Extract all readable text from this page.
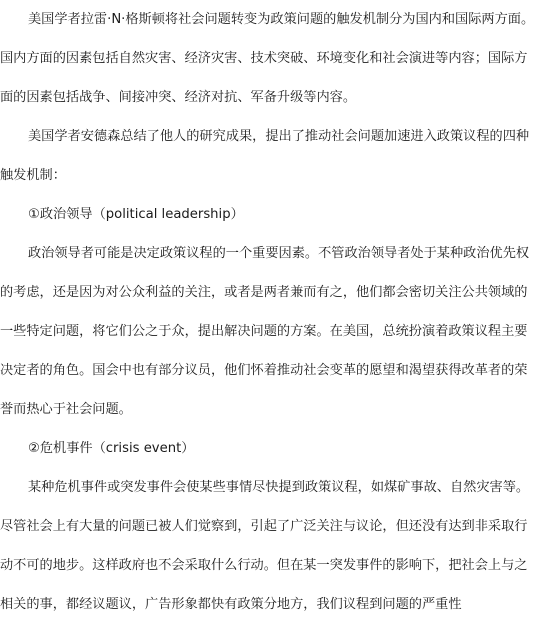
美国学者拉雷·N·格斯顿将社会问题转变为政策问题的触发机制分为国内和国际两方面。
国内方面的因素包括自然灾害、经济灾害、技术突破、环境变化和社会演进等内容；国际方
面的因素包括战争、间接冲突、经济对抗、军备升级等内容。
美国学者安德森总结了他人的研究成果，提出了推动社会问题加速进入政策议程的四种
触发机制：
①政治领导（political leadership）
政治领导者可能是决定政策议程的一个重要因素。不管政治领导者处于某种政治优先权
的考虑，还是因为对公众利益的关注，或者是两者兼而有之，他们都会密切关注公共领域的
一些特定问题，将它们公之于众，提出解决问题的方案。在美国，总统扮演着政策议程主要
决定者的角色。国会中也有部分议员，他们怀着推动社会变革的愿望和渴望获得改革者的荣
誉而热心于社会问题。
②危机事件（crisis event）
某种危机事件或突发事件会使某些事情尽快提到政策议程，如煤矿事故、自然灾害等。
尽管社会上有大量的问题已被人们觉察到，引起了广泛关注与议论，但还没有达到非采取行
动不可的地步。这样政府也不会采取什么行动。但在某一突发事件的影响下，把社会上与之
相关的事，都经议题议，广告形象都快有政策分地方，我们议程到问题的严重性
